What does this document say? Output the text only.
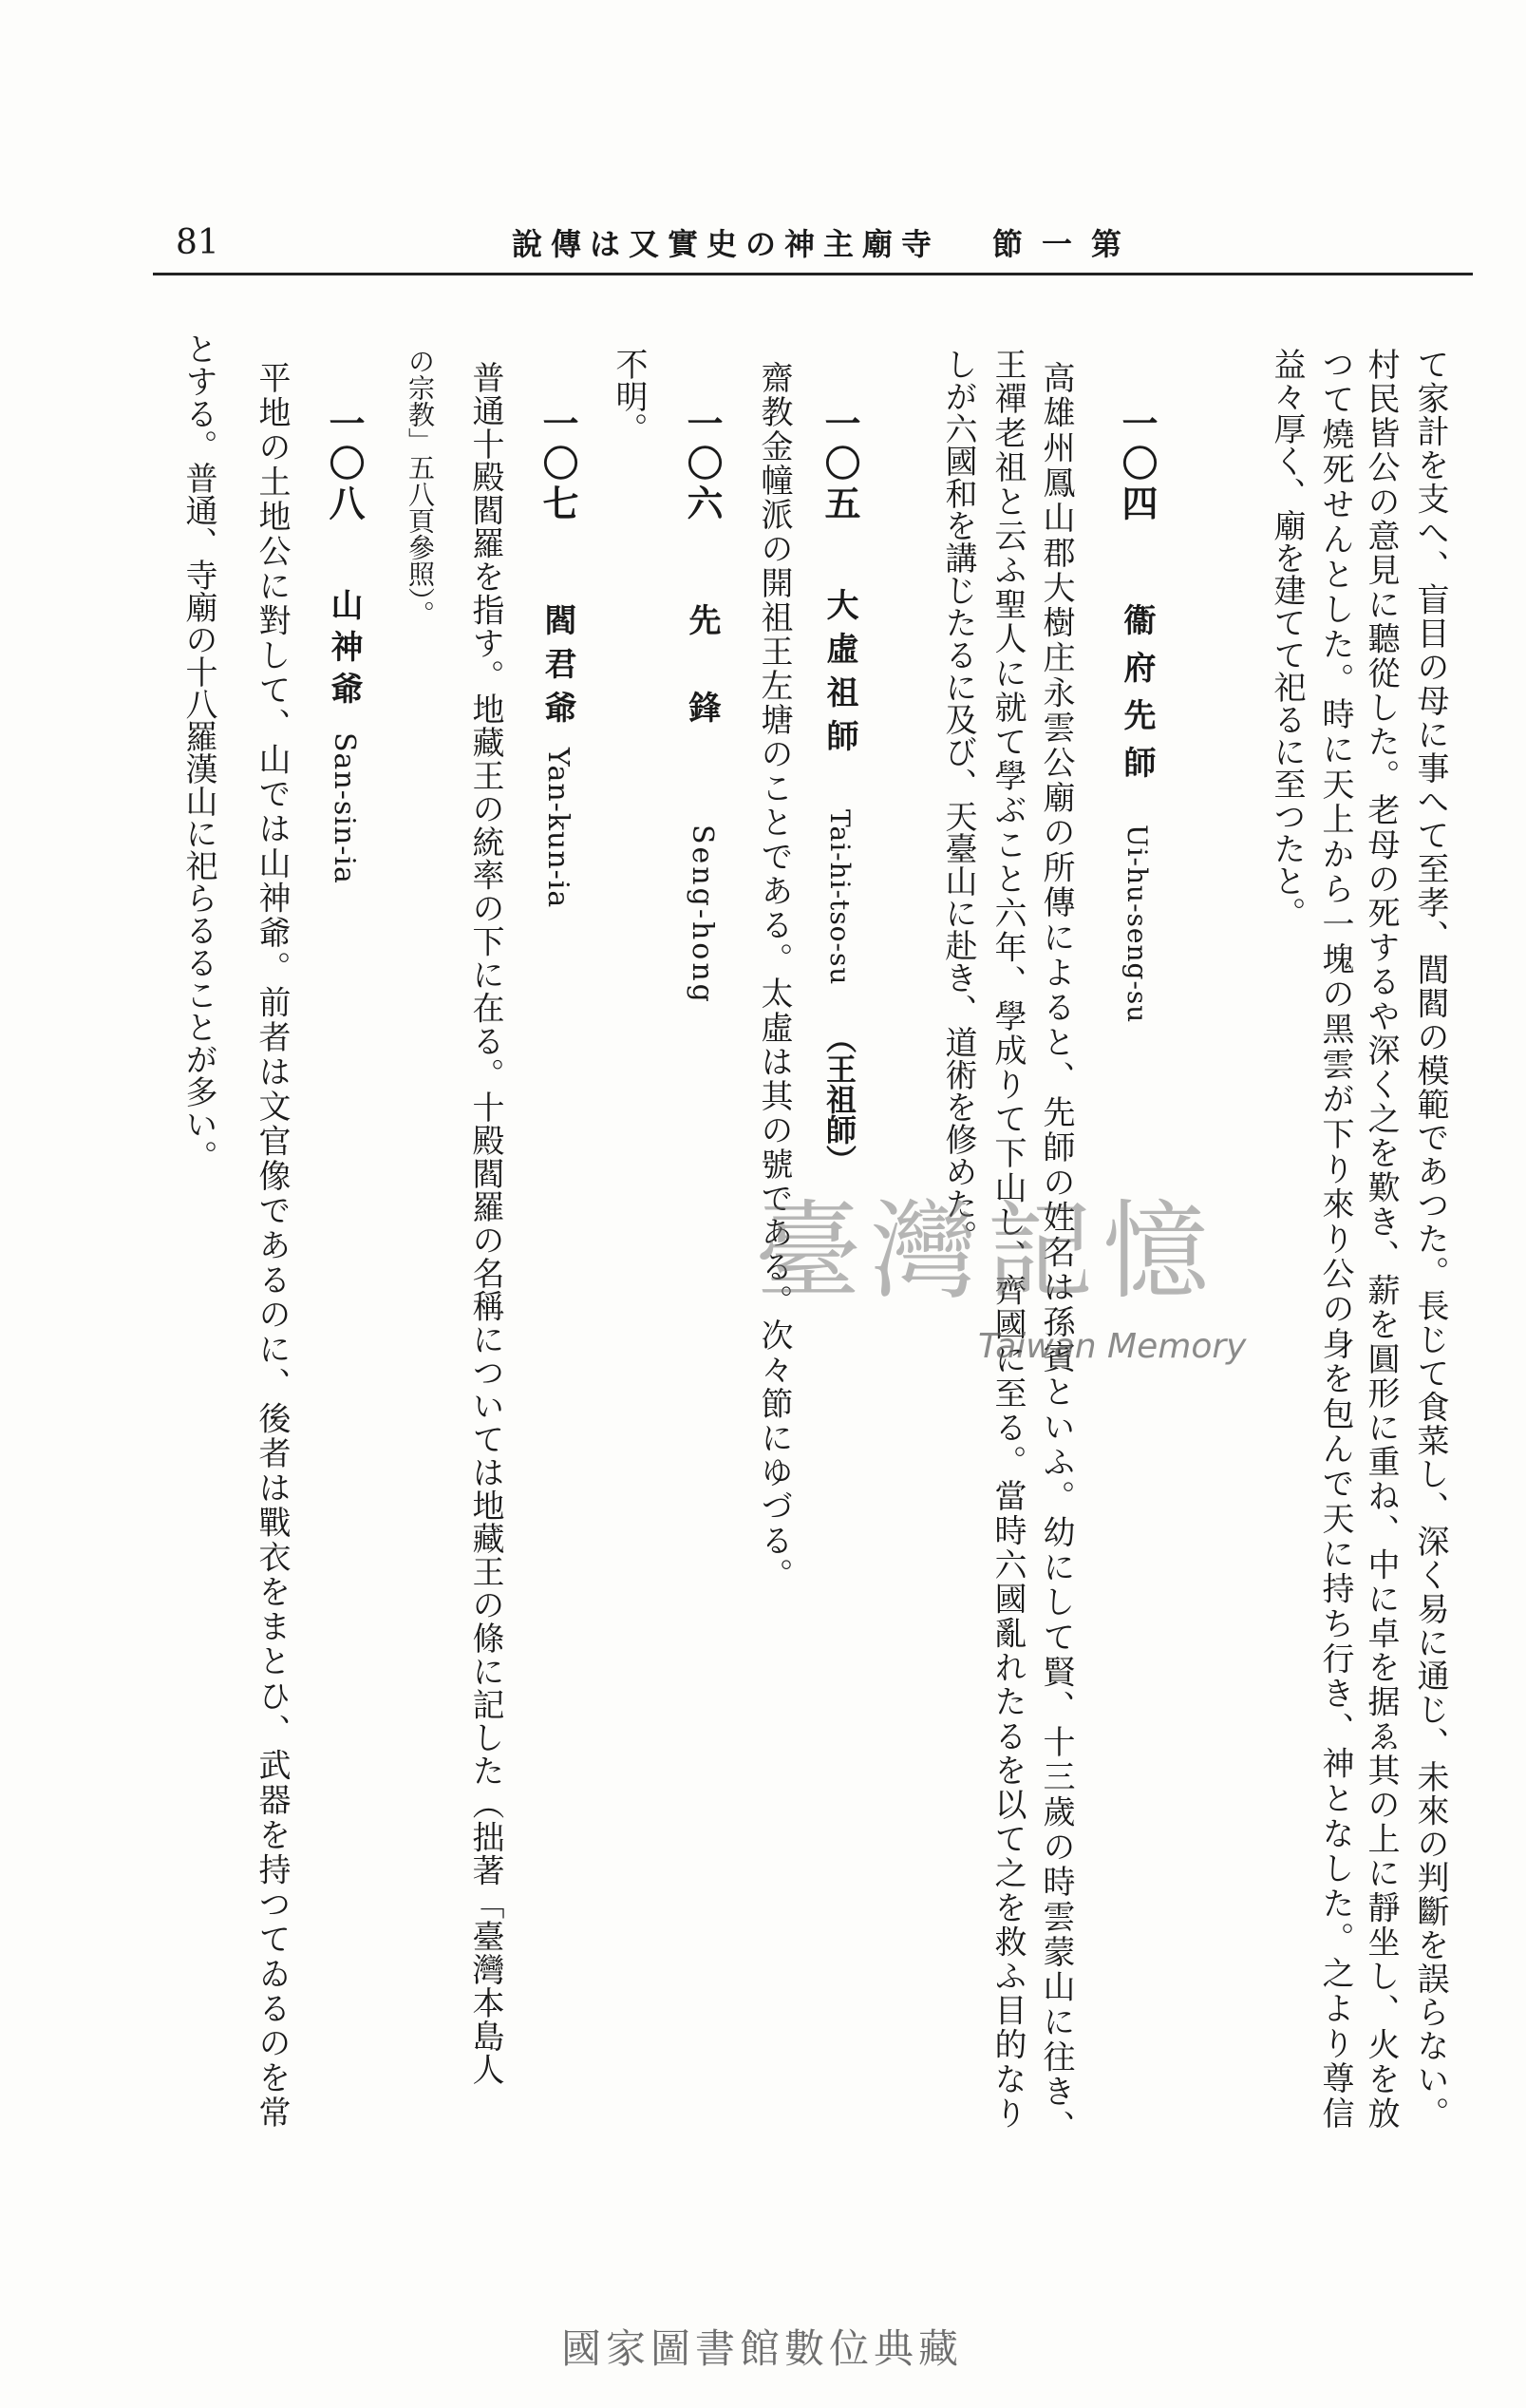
81	說傳は又實史の神主廟寺 節一第
て家計を支へ、盲目の母に事へて至孝、閭閻の模範であつた。長じて食菜し、深く易に通じ、未來の判斷を誤らない。
村民皆公の意見に聽從した。老母の死するや深く之を歎き、薪を圓形に重ね、中に卓を据ゑ其の上に靜坐し、火を放
つて燒死せんとした。時に天上から一塊の黑雲が下り來り公の身を包んで天に持ち行き、神となした。之より尊信
益々厚く、廟を建てて祀るに至つたと。
一〇四
衞府先師
Ui-hu-seng-su
高雄州鳳山郡大樹庄永雲公廟の所傳によると、先師の姓名は孫賓といふ。幼にして賢、十三歲の時雲蒙山に往き、
王禪老祖と云ふ聖人に就て學ぶこと六年、學成りて下山し、齊國に至る。當時六國亂れたるを以て之を救ふ目的なり
しが六國和を講じたるに及び、天臺山に赴き、道術を修めた。
一〇五
大虛祖師
Tai-hi-tso-su
（王祖師）
齋教金幢派の開祖王左塘のことである。太虛は其の號である。次々節にゆづる。
一〇六
先　鋒
Seng-hong
不明。
一〇七
閻君爺
Yan-kun-ia
普通十殿閻羅を指す。地藏王の統率の下に在る。十殿閻羅の名稱については地藏王の條に記した（拙著「臺灣本島人
の宗教」五八頁參照）。
一〇八
山神爺
San-sin-ia
平地の土地公に對して、山では山神爺。前者は文官像であるのに、後者は戰衣をまとひ、武器を持つてゐるのを常
とする。普通、寺廟の十八羅漢山に祀らるることが多い。
臺灣記憶
Taiwan Memory
國家圖書館數位典藏
